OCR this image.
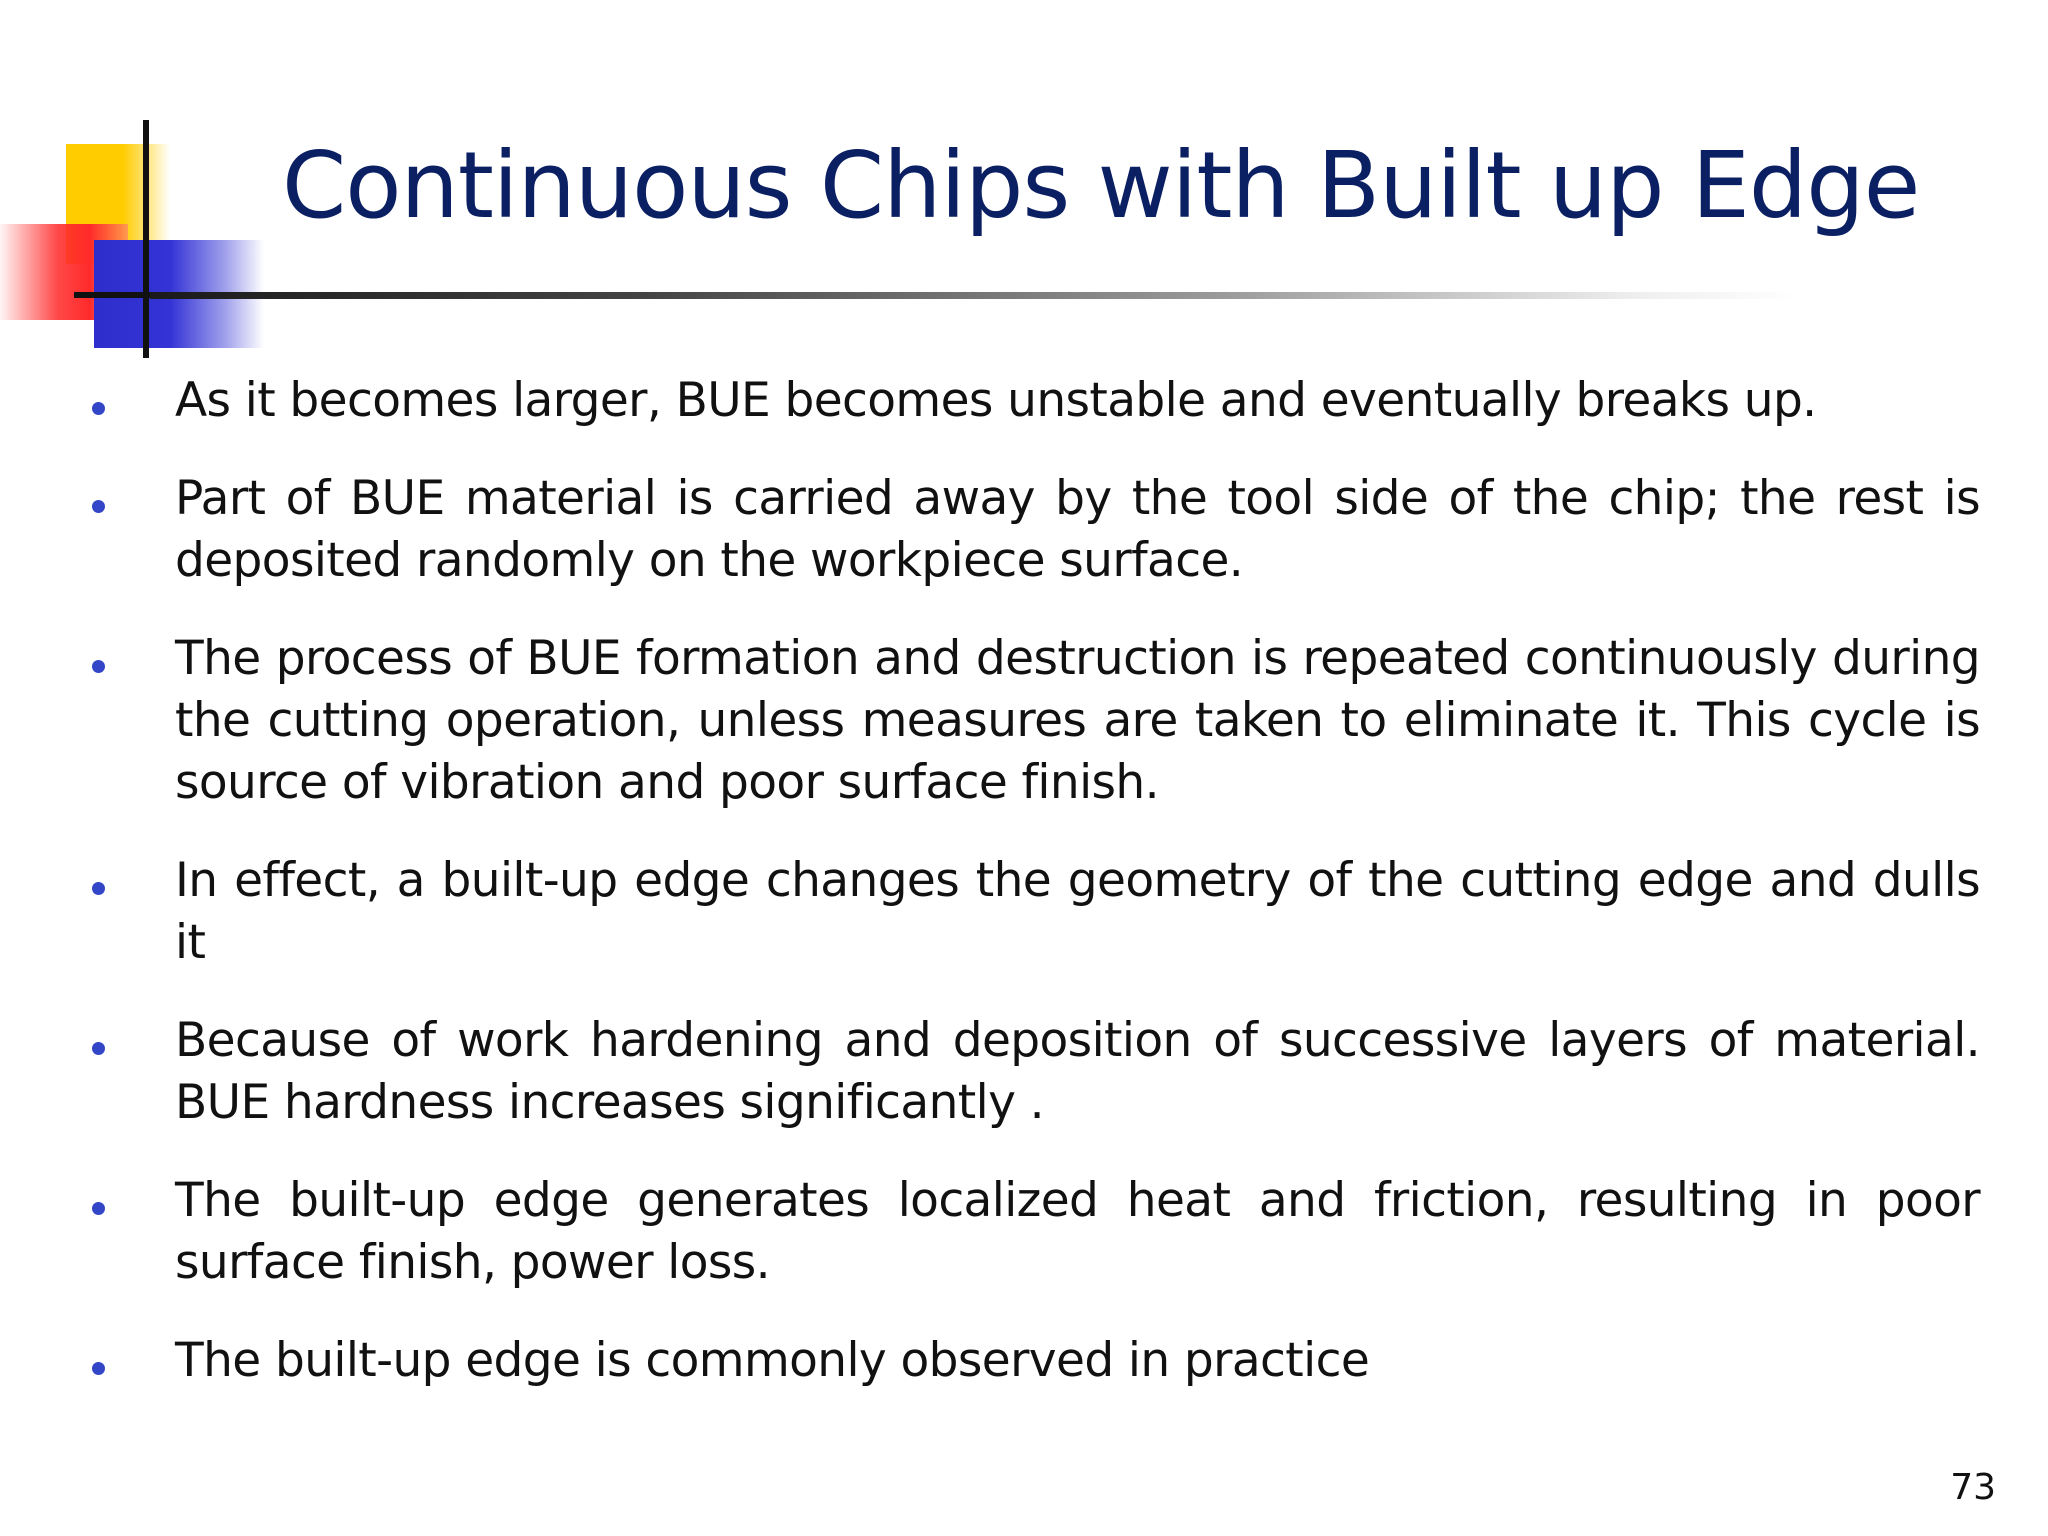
Continuous Chips with Built up Edge
As it becomes larger, BUE becomes unstable and eventually breaks up.
Part of BUE material is carried away by the tool side of the chip; the rest is deposited randomly on the workpiece surface.
The process of BUE formation and destruction is repeated continuously during the cutting operation, unless measures are taken to eliminate it. This cycle is source of vibration and poor surface finish.
In effect, a built-up edge changes the geometry of the cutting edge and dulls it
Because of work hardening and deposition of successive layers of material. BUE hardness increases significantly .
The built-up edge generates localized heat and friction, resulting in poor surface finish, power loss.
The built-up edge is commonly observed in practice
73
